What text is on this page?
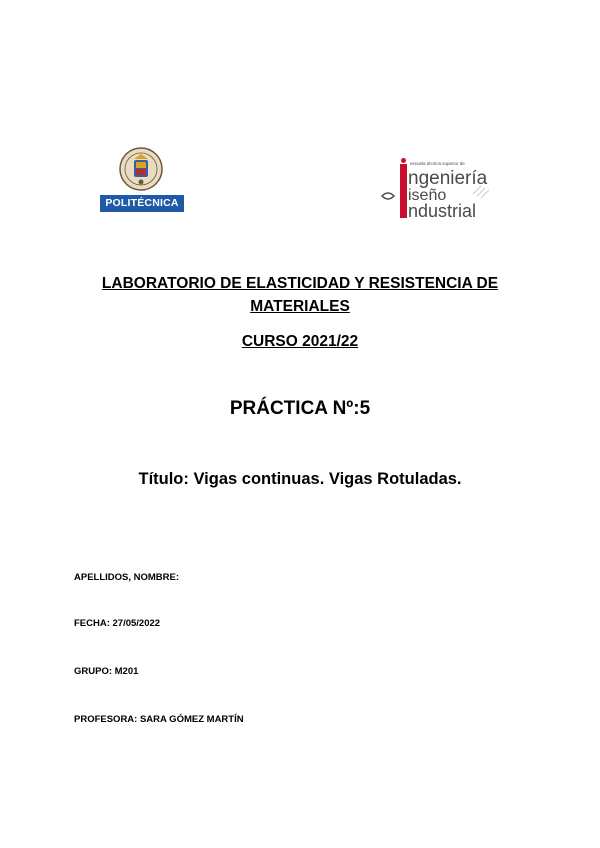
POLITÉCNICA
escuela técnica superior de
ngeniería
iseño
ndustrial
LABORATORIO DE ELASTICIDAD Y RESISTENCIA DE
MATERIALES
CURSO 2021/22
PRÁCTICA Nº:5
Título: Vigas continuas. Vigas Rotuladas.
APELLIDOS, NOMBRE:
FECHA: 27/05/2022
GRUPO: M201
PROFESORA: SARA GÓMEZ MARTÍN
